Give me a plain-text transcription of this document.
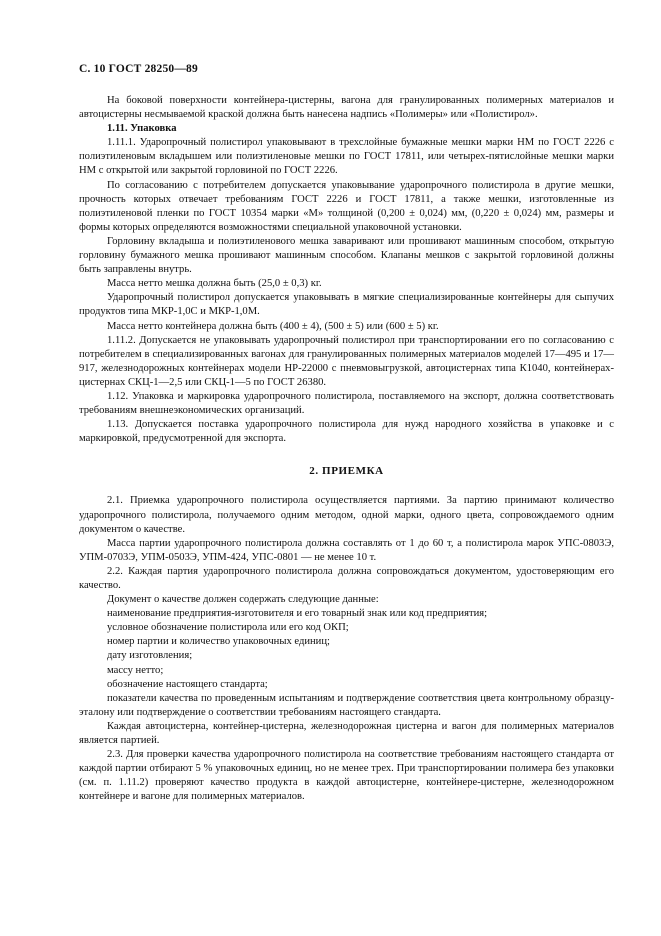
С. 10 ГОСТ 28250—89

На боковой поверхности контейнера-цистерны, вагона для гранулированных полимерных материалов и автоцистерны несмываемой краской должна быть нанесена надпись «Полимеры» или «Полистирол».

1.11. Упаковка

1.11.1. Ударопрочный полистирол упаковывают в трехслойные бумажные мешки марки НМ по ГОСТ 2226 с полиэтиленовым вкладышем или полиэтиленовые мешки по ГОСТ 17811, или четырех-пятислойные мешки марки НМ с открытой или закрытой горловиной по ГОСТ 2226.

По согласованию с потребителем допускается упаковывание ударопрочного полистирола в другие мешки, прочность которых отвечает требованиям ГОСТ 2226 и ГОСТ 17811, а также мешки, изготовленные из полиэтиленовой пленки по ГОСТ 10354 марки «М» толщиной (0,200 ± 0,024) мм, (0,220 ± 0,024) мм, размеры и формы которых определяются возможностями специальной упаковочной установки.

Горловину вкладыша и полиэтиленового мешка заваривают или прошивают машинным способом, открытую горловину бумажного мешка прошивают машинным способом. Клапаны мешков с закрытой горловиной должны быть заправлены внутрь.

Масса нетто мешка должна быть (25,0 ± 0,3) кг.

Ударопрочный полистирол допускается упаковывать в мягкие специализированные контейнеры для сыпучих продуктов типа МКР-1,0С и МКР-1,0М.

Масса нетто контейнера должна быть (400 ± 4), (500 ± 5) или (600 ± 5) кг.

1.11.2. Допускается не упаковывать ударопрочный полистирол при транспортировании его по согласованию с потребителем в специализированных вагонах для гранулированных полимерных материалов моделей 17—495 и 17—917, железнодорожных контейнерах модели НР-22000 с пневмовыгрузкой, автоцистернах типа К1040, контейнерах-цистернах СКЦ-1—2,5 или СКЦ-1—5 по ГОСТ 26380.

1.12. Упаковка и маркировка ударопрочного полистирола, поставляемого на экспорт, должна соответствовать требованиям внешнеэкономических организаций.

1.13. Допускается поставка ударопрочного полистирола для нужд народного хозяйства в упаковке и с маркировкой, предусмотренной для экспорта.

2. ПРИЕМКА

2.1. Приемка ударопрочного полистирола осуществляется партиями. За партию принимают количество ударопрочного полистирола, получаемого одним методом, одной марки, одного цвета, сопровождаемого одним документом о качестве.

Масса партии ударопрочного полистирола должна составлять от 1 до 60 т, а полистирола марок УПС-0803Э, УПМ-0703Э, УПМ-0503Э, УПМ-424, УПС-0801 — не менее 10 т.

2.2. Каждая партия ударопрочного полистирола должна сопровождаться документом, удостоверяющим его качество.

Документ о качестве должен содержать следующие данные:

наименование предприятия-изготовителя и его товарный знак или код предприятия;

условное обозначение полистирола или его код ОКП;

номер партии и количество упаковочных единиц;

дату изготовления;

массу нетто;

обозначение настоящего стандарта;

показатели качества по проведенным испытаниям и подтверждение соответствия цвета контрольному образцу-эталону или подтверждение о соответствии требованиям настоящего стандарта.

Каждая автоцистерна, контейнер-цистерна, железнодорожная цистерна и вагон для полимерных материалов является партией.

2.3. Для проверки качества ударопрочного полистирола на соответствие требованиям настоящего стандарта от каждой партии отбирают 5 % упаковочных единиц, но не менее трех. При транспортировании полимера без упаковки (см. п. 1.11.2) проверяют качество продукта в каждой автоцистерне, контейнере-цистерне, железнодорожном контейнере и вагоне для полимерных материалов.
